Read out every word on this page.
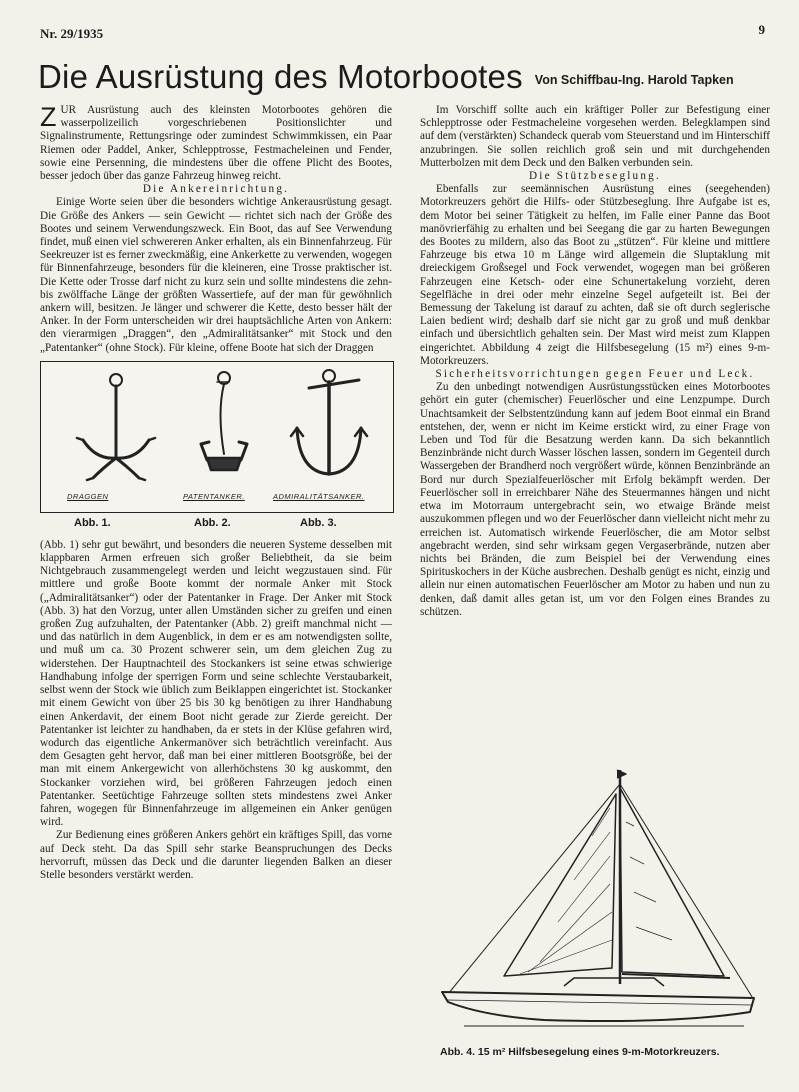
Nr. 29/1935	9
Die Ausrüstung des Motorbootes $^{Von Schiffbau-Ing. Harold Tapken}$

ZUR Ausrüstung auch des kleinsten Motorbootes gehören die wasserpolizeilich vorgeschriebenen Positionslichter und Signalinstrumente, Rettungsringe oder zumindest Schwimmkissen, ein Paar Riemen oder Paddel, Anker, Schlepptrosse, Festmacheleinen und Fender, sowie eine Persenning, die mindestens über die offene Plicht des Bootes, besser jedoch über das ganze Fahrzeug hinweg reicht.

Die Ankereinrichtung.

Einige Worte seien über die besonders wichtige Ankerausrüstung gesagt. Die Größe des Ankers — sein Gewicht — richtet sich nach der Größe des Bootes und seinem Verwendungszweck. Ein Boot, das auf See Verwendung findet, muß einen viel schwereren Anker erhalten, als ein Binnenfahrzeug. Für Seekreuzer ist es ferner zweckmäßig, eine Ankerkette zu verwenden, wogegen für Binnenfahrzeuge, besonders für die kleineren, eine Trosse praktischer ist. Die Kette oder Trosse darf nicht zu kurz sein und sollte mindestens die zehn- bis zwölffache Länge der größten Wassertiefe, auf der man für gewöhnlich ankern will, besitzen. Je länger und schwerer die Kette, desto besser hält der Anker. In der Form unterscheiden wir drei hauptsächliche Arten von Ankern: den vierarmigen „Draggen“, den „Admiralitätsanker“ mit Stock und den „Patentanker“ (ohne Stock). Für kleine, offene Boote hat sich der Draggen

DRAGGEN	PATENTANKER.	ADMIRALITÄTSANKER.
Abb. 1.	Abb. 2.	Abb. 3.

(Abb. 1) sehr gut bewährt, und besonders die neueren Systeme desselben mit klappbaren Armen erfreuen sich großer Beliebtheit, da sie beim Nichtgebrauch zusammengelegt werden und leicht wegzustauen sind. Für mittlere und große Boote kommt der normale Anker mit Stock („Admiralitätsanker“) oder der Patentanker in Frage. Der Anker mit Stock (Abb. 3) hat den Vorzug, unter allen Umständen sicher zu greifen und einen großen Zug aufzuhalten, der Patentanker (Abb. 2) greift manchmal nicht — und das natürlich in dem Augenblick, in dem er es am notwendigsten sollte, und muß um ca. 30 Prozent schwerer sein, um dem gleichen Zug zu widerstehen. Der Hauptnachteil des Stockankers ist seine etwas schwierige Handhabung infolge der sperrigen Form und seine schlechte Verstaubarkeit, selbst wenn der Stock wie üblich zum Beiklappen eingerichtet ist. Stockanker mit einem Gewicht von über 25 bis 30 kg benötigen zu ihrer Handhabung einen Ankerdavit, der einem Boot nicht gerade zur Zierde gereicht. Der Patentanker ist leichter zu handhaben, da er stets in der Klüse gefahren wird, wodurch das eigentliche Ankermanöver sich beträchtlich vereinfacht. Aus dem Gesagten geht hervor, daß man bei einer mittleren Bootsgröße, bei der man mit einem Ankergewicht von allerhöchstens 30 kg auskommt, den Stockanker vorziehen wird, bei größeren Fahrzeugen jedoch einen Patentanker. Seetüchtige Fahrzeuge sollten stets mindestens zwei Anker fahren, wogegen für Binnenfahrzeuge im allgemeinen ein Anker genügen wird.

Zur Bedienung eines größeren Ankers gehört ein kräftiges Spill, das vorne auf Deck steht. Da das Spill sehr starke Beanspruchungen des Decks hervorruft, müssen das Deck und die darunter liegenden Balken an dieser Stelle besonders verstärkt werden.

Im Vorschiff sollte auch ein kräftiger Poller zur Befestigung einer Schlepptrosse oder Festmacheleine vorgesehen werden. Belegklampen sind auf dem (verstärkten) Schandeck querab vom Steuerstand und im Hinterschiff anzubringen. Sie sollen reichlich groß sein und mit durchgehenden Mutterbolzen mit dem Deck und den Balken verbunden sein.

Die Stützbeseglung.

Ebenfalls zur seemännischen Ausrüstung eines (seegehenden) Motorkreuzers gehört die Hilfs- oder Stützbeseglung. Ihre Aufgabe ist es, dem Motor bei seiner Tätigkeit zu helfen, im Falle einer Panne das Boot manövrierfähig zu erhalten und bei Seegang die gar zu harten Bewegungen des Bootes zu mildern, also das Boot zu „stützen“. Für kleine und mittlere Fahrzeuge bis etwa 10 m Länge wird allgemein die Sluptaklung mit dreieckigem Großsegel und Fock verwendet, wogegen man bei größeren Fahrzeugen eine Ketsch- oder eine Schunertakelung vorzieht, deren Segelfläche in drei oder mehr einzelne Segel aufgeteilt ist. Bei der Bemessung der Takelung ist darauf zu achten, daß sie oft durch seglerische Laien bedient wird; deshalb darf sie nicht gar zu groß und muß denkbar einfach und übersichtlich gehalten sein. Der Mast wird meist zum Klappen eingerichtet. Abbildung 4 zeigt die Hilfsbesegelung (15 m²) eines 9-m-Motorkreuzers.

Sicherheitsvorrichtungen gegen Feuer und Leck.

Zu den unbedingt notwendigen Ausrüstungsstücken eines Motorbootes gehört ein guter (chemischer) Feuerlöscher und eine Lenzpumpe. Durch Unachtsamkeit der Selbstentzündung kann auf jedem Boot einmal ein Brand entstehen, der, wenn er nicht im Keime erstickt wird, zu einer Frage von Leben und Tod für die Besatzung werden kann. Da sich bekanntlich Benzinbrände nicht durch Wasser löschen lassen, sondern im Gegenteil durch Wassergeben der Brandherd noch vergrößert würde, können Benzinbrände an Bord nur durch Spezialfeuerlöscher mit Erfolg bekämpft werden. Der Feuerlöscher soll in erreichbarer Nähe des Steuermannes hängen und nicht etwa im Motorraum untergebracht sein, wo etwaige Brände meist auszukommen pflegen und wo der Feuerlöscher dann vielleicht nicht mehr zu erreichen ist. Automatisch wirkende Feuerlöscher, die am Motor selbst angebracht werden, sind sehr wirksam gegen Vergaserbrände, nutzen aber nichts bei Bränden, die zum Beispiel bei der Verwendung eines Spirituskochers in der Küche ausbrechen. Deshalb genügt es nicht, einzig und allein nur einen automatischen Feuerlöscher am Motor zu haben und nun zu denken, daß damit alles getan ist, um vor den Folgen eines Brandes zu schützen.

Abb. 4. 15 m² Hilfsbesegelung eines 9-m-Motorkreuzers.
